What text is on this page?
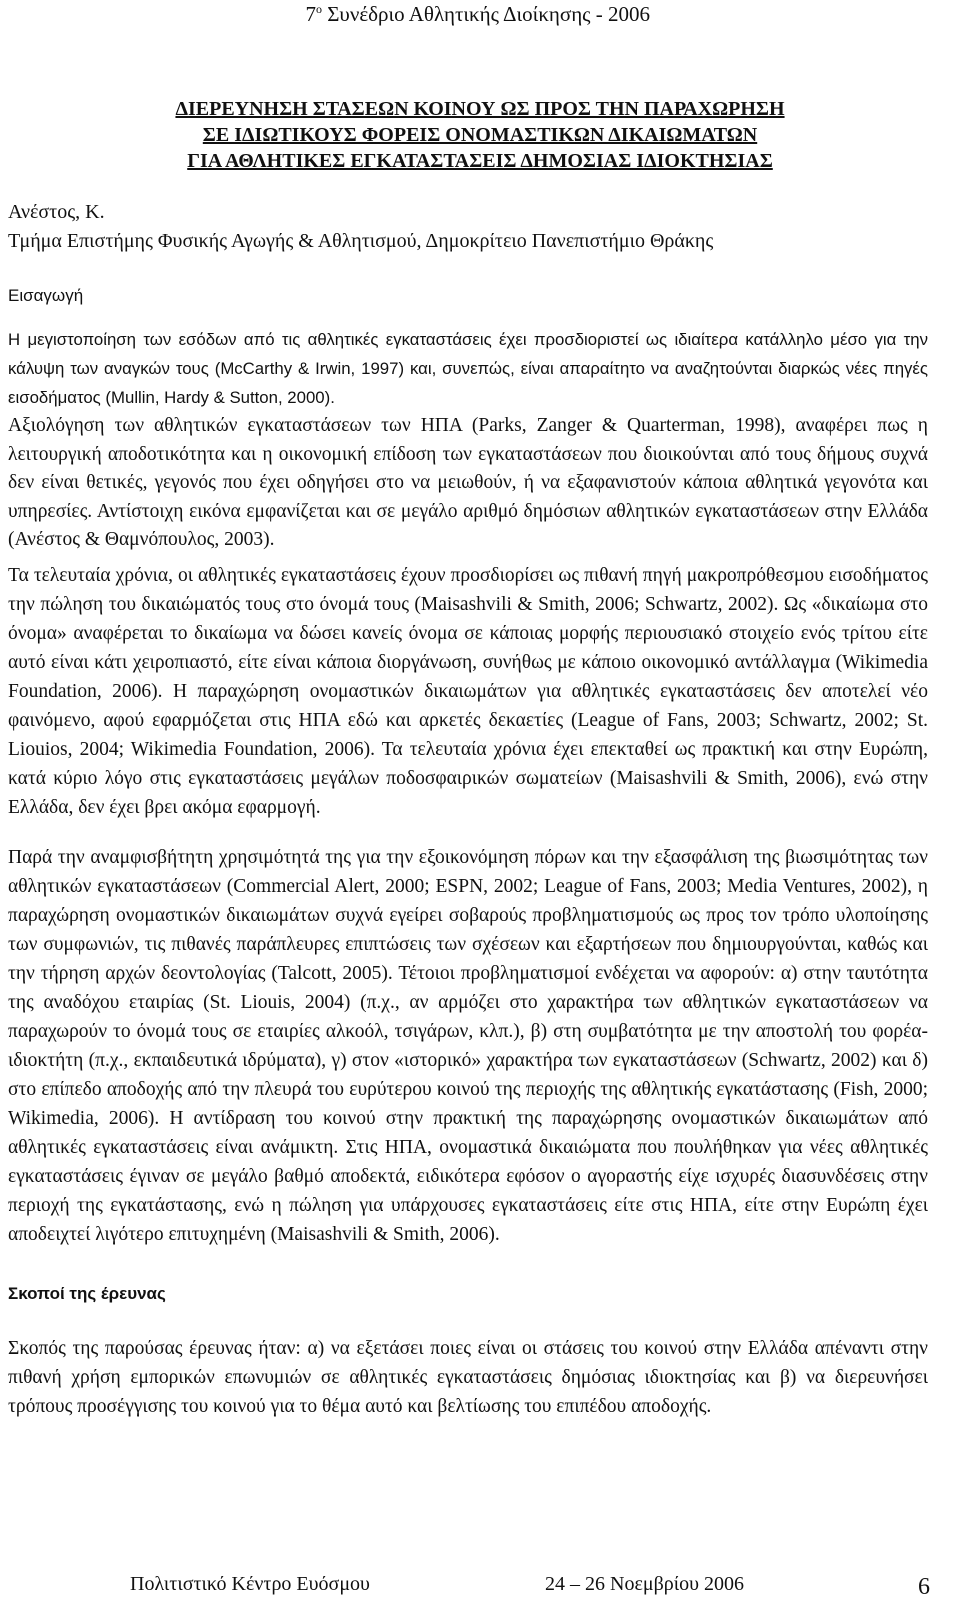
$7^o$ Συνέδριο Αθλητικής Διοίκησης - 2006
ΔΙΕΡΕΥΝΗΣΗ ΣΤΑΣΕΩΝ ΚΟΙΝΟΥ ΩΣ ΠΡΟΣ ΤΗΝ ΠΑΡΑΧΩΡΗΣΗ
ΣΕ ΙΔΙΩΤΙΚΟΥΣ ΦΟΡΕΙΣ ΟΝΟΜΑΣΤΙΚΩΝ ΔΙΚΑΙΩΜΑΤΩΝ
ΓΙΑ ΑΘΛΗΤΙΚΕΣ ΕΓΚΑΤΑΣΤΑΣΕΙΣ ΔΗΜΟΣΙΑΣ ΙΔΙΟΚΤΗΣΙΑΣ
Ανέστος, Κ.
Τμήμα Επιστήμης Φυσικής Αγωγής & Αθλητισμού, Δημοκρίτειο Πανεπιστήμιο Θράκης
Εισαγωγή
Η μεγιστοποίηση των εσόδων από τις αθλητικές εγκαταστάσεις έχει προσδιοριστεί ως ιδιαίτερα κατάλληλο μέσο για την κάλυψη των αναγκών τους (McCarthy & Irwin, 1997) και, συνεπώς, είναι απαραίτητο να αναζητούνται διαρκώς νέες πηγές εισοδήματος (Mullin, Hardy & Sutton, 2000).
Αξιολόγηση των αθλητικών εγκαταστάσεων των ΗΠΑ (Parks, Zanger & Quarterman, 1998), αναφέρει πως η λειτουργική αποδοτικότητα και η οικονομική επίδοση των εγκαταστάσεων που διοικούνται από τους δήμους συχνά δεν είναι θετικές, γεγονός που έχει οδηγήσει στο να μειωθούν, ή να εξαφανιστούν κάποια αθλητικά γεγονότα και υπηρεσίες. Αντίστοιχη εικόνα εμφανίζεται και σε μεγάλο αριθμό δημόσιων αθλητικών εγκαταστάσεων στην Ελλάδα (Ανέστος & Θαμνόπουλος, 2003).
Τα τελευταία χρόνια, οι αθλητικές εγκαταστάσεις έχουν προσδιορίσει ως πιθανή πηγή μακροπρόθεσμου εισοδήματος την πώληση του δικαιώματός τους στο όνομά τους (Maisashvili & Smith, 2006; Schwartz, 2002). Ως «δικαίωμα στο όνομα» αναφέρεται το δικαίωμα να δώσει κανείς όνομα σε κάποιας μορφής περιουσιακό στοιχείο ενός τρίτου είτε αυτό είναι κάτι χειροπιαστό, είτε είναι κάποια διοργάνωση, συνήθως με κάποιο οικονομικό αντάλλαγμα (Wikimedia Foundation, 2006). Η παραχώρηση ονομαστικών δικαιωμάτων για αθλητικές εγκαταστάσεις δεν αποτελεί νέο φαινόμενο, αφού εφαρμόζεται στις ΗΠΑ εδώ και αρκετές δεκαετίες (League of Fans, 2003; Schwartz, 2002; St. Liouios, 2004; Wikimedia Foundation, 2006). Τα τελευταία χρόνια έχει επεκταθεί ως πρακτική και στην Ευρώπη, κατά κύριο λόγο στις εγκαταστάσεις μεγάλων ποδοσφαιρικών σωματείων (Maisashvili & Smith, 2006), ενώ στην Ελλάδα, δεν έχει βρει ακόμα εφαρμογή.
Παρά την αναμφισβήτητη χρησιμότητά της για την εξοικονόμηση πόρων και την εξασφάλιση της βιωσιμότητας των αθλητικών εγκαταστάσεων (Commercial Alert, 2000; ESPN, 2002; League of Fans, 2003; Media Ventures, 2002), η παραχώρηση ονομαστικών δικαιωμάτων συχνά εγείρει σοβαρούς προβληματισμούς ως προς τον τρόπο υλοποίησης των συμφωνιών, τις πιθανές παράπλευρες επιπτώσεις των σχέσεων και εξαρτήσεων που δημιουργούνται, καθώς και την τήρηση αρχών δεοντολογίας (Talcott, 2005). Τέτοιοι προβληματισμοί ενδέχεται να αφορούν: α) στην ταυτότητα της αναδόχου εταιρίας (St. Liouis, 2004) (π.χ., αν αρμόζει στο χαρακτήρα των αθλητικών εγκαταστάσεων να παραχωρούν το όνομά τους σε εταιρίες αλκοόλ, τσιγάρων, κλπ.), β) στη συμβατότητα με την αποστολή του φορέα-ιδιοκτήτη (π.χ., εκπαιδευτικά ιδρύματα), γ) στον «ιστορικό» χαρακτήρα των εγκαταστάσεων (Schwartz, 2002) και δ) στο επίπεδο αποδοχής από την πλευρά του ευρύτερου κοινού της περιοχής της αθλητικής εγκατάστασης (Fish, 2000; Wikimedia, 2006). Η αντίδραση του κοινού στην πρακτική της παραχώρησης ονομαστικών δικαιωμάτων από αθλητικές εγκαταστάσεις είναι ανάμικτη. Στις ΗΠΑ, ονομαστικά δικαιώματα που πουλήθηκαν για νέες αθλητικές εγκαταστάσεις έγιναν σε μεγάλο βαθμό αποδεκτά, ειδικότερα εφόσον ο αγοραστής είχε ισχυρές διασυνδέσεις στην περιοχή της εγκατάστασης, ενώ η πώληση για υπάρχουσες εγκαταστάσεις είτε στις ΗΠΑ, είτε στην Ευρώπη έχει αποδειχτεί λιγότερο επιτυχημένη (Maisashvili & Smith, 2006).
Σκοποί της έρευνας
Σκοπός της παρούσας έρευνας ήταν: α) να εξετάσει ποιες είναι οι στάσεις του κοινού στην Ελλάδα απέναντι στην πιθανή χρήση εμπορικών επωνυμιών σε αθλητικές εγκαταστάσεις δημόσιας ιδιοκτησίας και β) να διερευνήσει τρόπους προσέγγισης του κοινού για το θέμα αυτό και βελτίωσης του επιπέδου αποδοχής.
Πολιτιστικό Κέντρο Ευόσμου	24 – 26 Νοεμβρίου 2006	6
